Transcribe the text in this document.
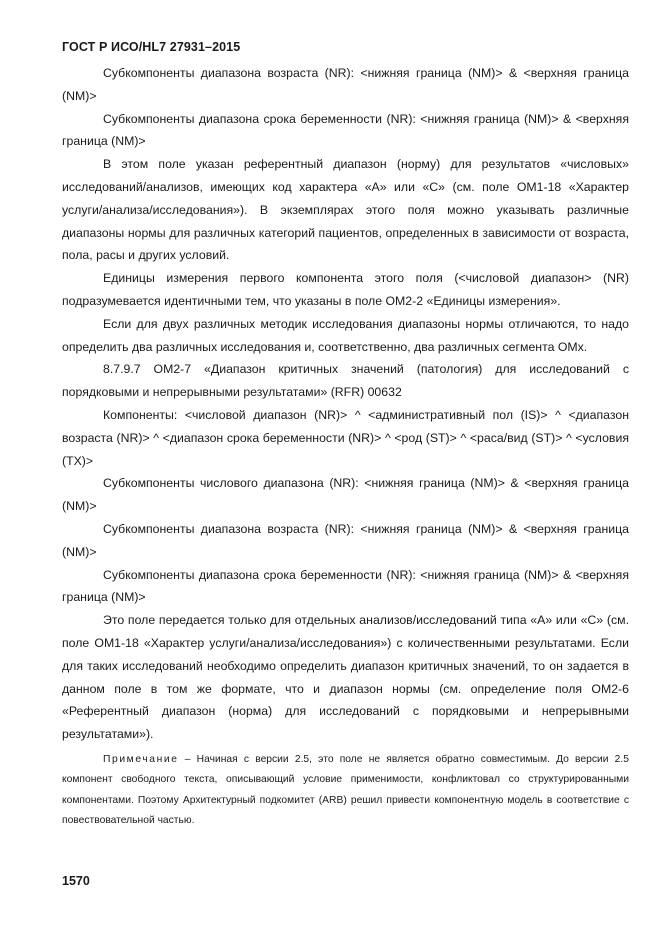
ГОСТ Р ИСО/HL7 27931–2015

Субкомпоненты диапазона возраста (NR): <нижняя граница (NM)> & <верхняя граница (NM)>

Субкомпоненты диапазона срока беременности (NR): <нижняя граница (NM)> & <верхняя граница (NM)>

В этом поле указан референтный диапазон (норму) для результатов «числовых» исследований/анализов, имеющих код характера «А» или «С» (см. поле OM1-18 «Характер услуги/анализа/исследования»). В экземплярах этого поля можно указывать различные диапазоны нормы для различных категорий пациентов, определенных в зависимости от возраста, пола, расы и других условий.

Единицы измерения первого компонента этого поля (<числовой диапазон> (NR) подразумевается идентичными тем, что указаны в поле OM2-2 «Единицы измерения».

Если для двух различных методик исследования диапазоны нормы отличаются, то надо определить два различных исследования и, соответственно, два различных сегмента OMx.

8.7.9.7 OM2-7 «Диапазон критичных значений (патология) для исследований с порядковыми и непрерывными результатами» (RFR) 00632

Компоненты: <числовой диапазон (NR)> ^ <административный пол (IS)> ^ <диапазон возраста (NR)> ^ <диапазон срока беременности (NR)> ^ <род (ST)> ^ <раса/вид (ST)> ^ <условия (TX)>

Субкомпоненты числового диапазона (NR): <нижняя граница (NM)> & <верхняя граница (NM)>

Субкомпоненты диапазона возраста (NR): <нижняя граница (NM)> & <верхняя граница (NM)>

Субкомпоненты диапазона срока беременности (NR): <нижняя граница (NM)> & <верхняя граница (NM)>

Это поле передается только для отдельных анализов/исследований типа «А» или «С» (см. поле OM1-18 «Характер услуги/анализа/исследования») с количественными результатами. Если для таких исследований необходимо определить диапазон критичных значений, то он задается в данном поле в том же формате, что и диапазон нормы (см. определение поля OM2-6 «Референтный диапазон (норма) для исследований с порядковыми и непрерывными результатами»).

Примечание – Начиная с версии 2.5, это поле не является обратно совместимым. До версии 2.5 компонент свободного текста, описывающий условие применимости, конфликтовал со структурированными компонентами. Поэтому Архитектурный подкомитет (ARB) решил привести компонентную модель в соответствие с повествовательной частью.

1570
